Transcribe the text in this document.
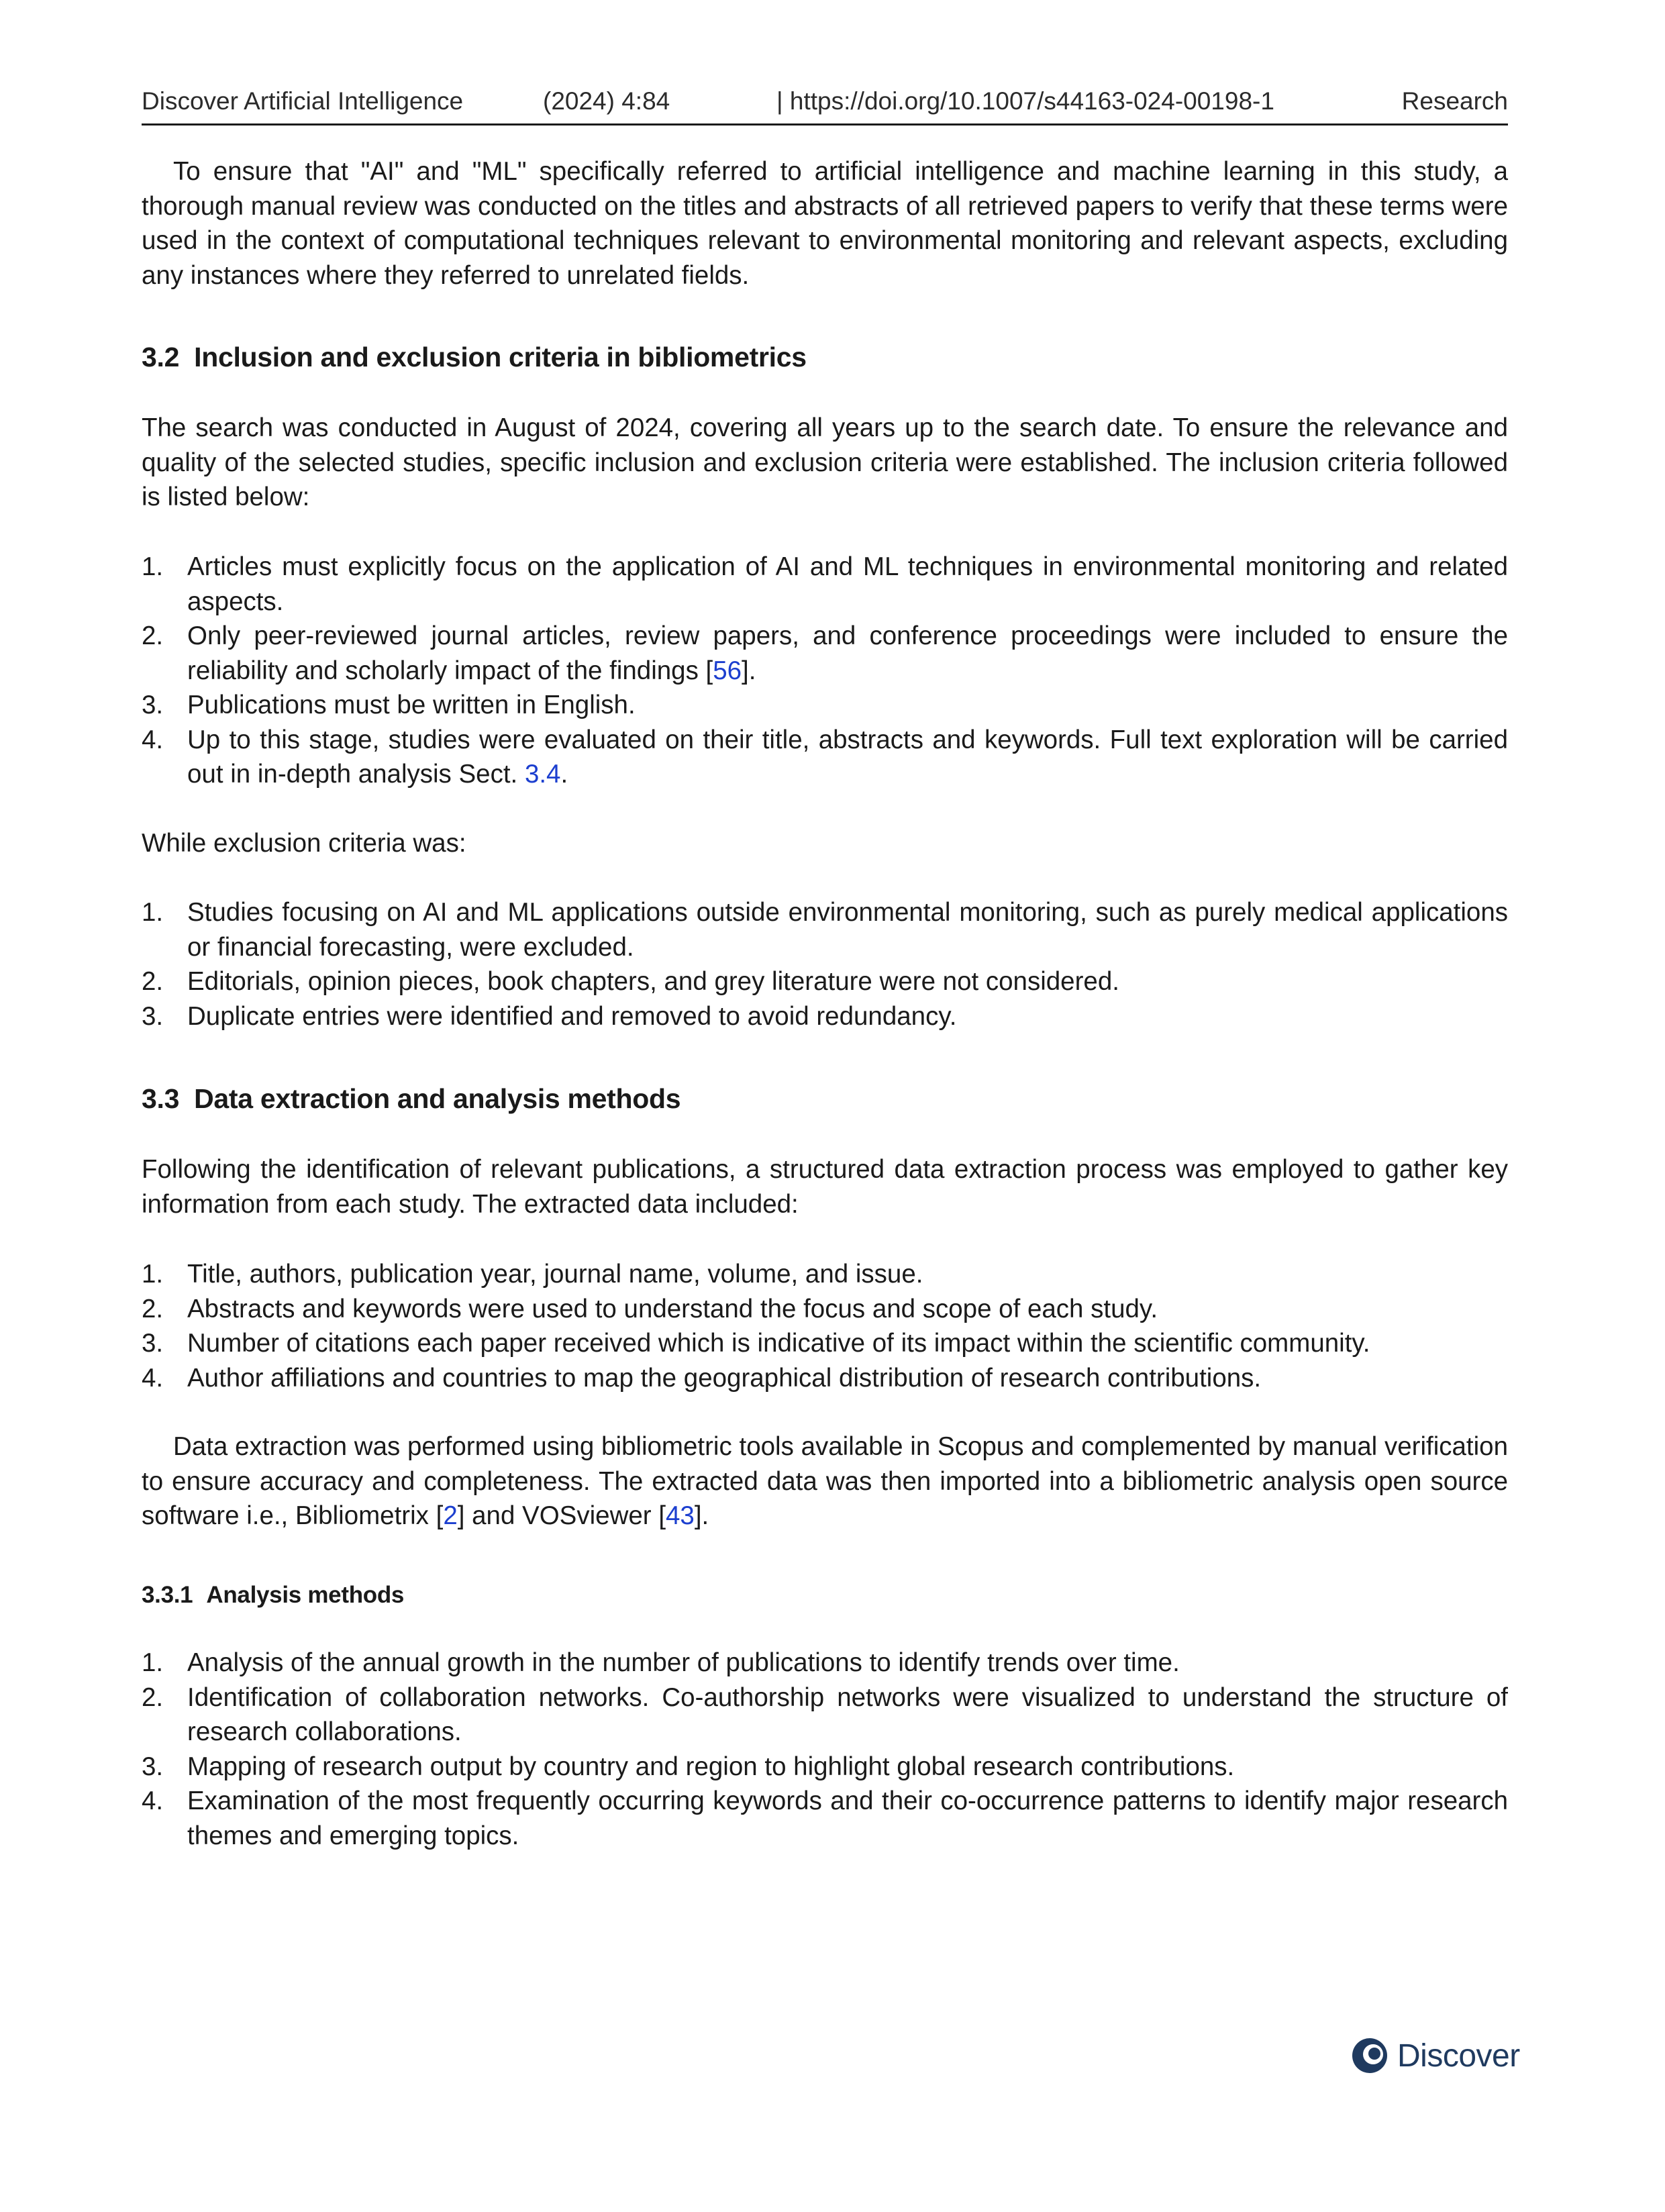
Discover Artificial Intelligence	(2024) 4:84	| https://doi.org/10.1007/s44163-024-00198-1	Research

To ensure that "AI" and "ML" specifically referred to artificial intelligence and machine learning in this study, a thorough manual review was conducted on the titles and abstracts of all retrieved papers to verify that these terms were used in the context of computational techniques relevant to environmental monitoring and relevant aspects, excluding any instances where they referred to unrelated fields.

3.2 Inclusion and exclusion criteria in bibliometrics

The search was conducted in August of 2024, covering all years up to the search date. To ensure the relevance and quality of the selected studies, specific inclusion and exclusion criteria were established. The inclusion criteria followed is listed below:

1. Articles must explicitly focus on the application of AI and ML techniques in environmental monitoring and related aspects.
2. Only peer-reviewed journal articles, review papers, and conference proceedings were included to ensure the reliability and scholarly impact of the findings [56].
3. Publications must be written in English.
4. Up to this stage, studies were evaluated on their title, abstracts and keywords. Full text exploration will be carried out in in-depth analysis Sect. 3.4.

While exclusion criteria was:

1. Studies focusing on AI and ML applications outside environmental monitoring, such as purely medical applications or financial forecasting, were excluded.
2. Editorials, opinion pieces, book chapters, and grey literature were not considered.
3. Duplicate entries were identified and removed to avoid redundancy.
3.3 Data extraction and analysis methods

Following the identification of relevant publications, a structured data extraction process was employed to gather key information from each study. The extracted data included:

1. Title, authors, publication year, journal name, volume, and issue.
2. Abstracts and keywords were used to understand the focus and scope of each study.
3. Number of citations each paper received which is indicative of its impact within the scientific community.
4. Author affiliations and countries to map the geographical distribution of research contributions.

Data extraction was performed using bibliometric tools available in Scopus and complemented by manual verification to ensure accuracy and completeness. The extracted data was then imported into a bibliometric analysis open source software i.e., Bibliometrix [2] and VOSviewer [43].

3.3.1 Analysis methods
1. Analysis of the annual growth in the number of publications to identify trends over time.
2. Identification of collaboration networks. Co-authorship networks were visualized to understand the structure of research collaborations.
3. Mapping of research output by country and region to highlight global research contributions.
4. Examination of the most frequently occurring keywords and their co-occurrence patterns to identify major research themes and emerging topics.
Discover
